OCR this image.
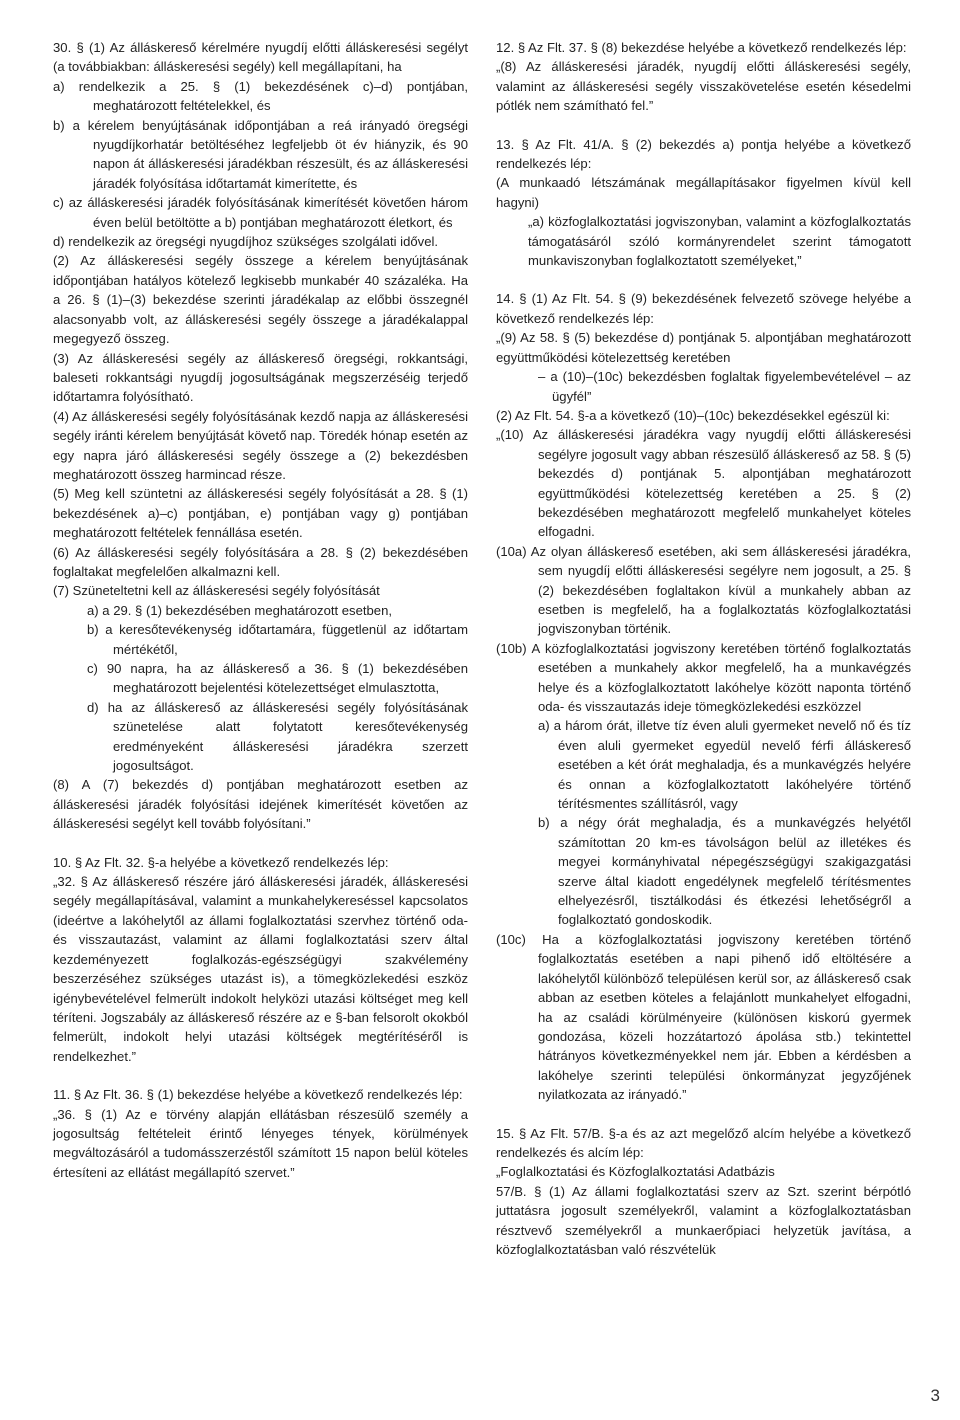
30. § (1) Az álláskereső kérelmére nyugdíj előtti álláskeresési segélyt (a továbbiakban: álláskeresési segély) kell megállapítani, ha

a) rendelkezik a 25. § (1) bekezdésének c)–d) pontjában, meghatározott feltételekkel, és

b) a kérelem benyújtásának időpontjában a reá irányadó öregségi nyugdíjkorhatár betöltéséhez legfeljebb öt év hiányzik, és 90 napon át álláskeresési járadékban részesült, és az álláskeresési járadék folyósítása időtartamát kimerítette, és

c) az álláskeresési járadék folyósításának kimerítését követően három éven belül betöltötte a b) pontjában meghatározott életkort, és

d) rendelkezik az öregségi nyugdíjhoz szükséges szolgálati idővel.

(2) Az álláskeresési segély összege a kérelem benyújtásának időpontjában hatályos kötelező legkisebb munkabér 40 százaléka. Ha a 26. § (1)–(3) bekezdése szerinti járadékalap az előbbi összegnél alacsonyabb volt, az álláskeresési segély összege a járadékalappal megegyező összeg.

(3) Az álláskeresési segély az álláskereső öregségi, rokkantsági, baleseti rokkantsági nyugdíj jogosultságának megszerzéséig terjedő időtartamra folyósítható.

(4) Az álláskeresési segély folyósításának kezdő napja az álláskeresési segély iránti kérelem benyújtását követő nap. Töredék hónap esetén az egy napra járó álláskeresési segély összege a (2) bekezdésben meghatározott összeg harmincad része.

(5) Meg kell szüntetni az álláskeresési segély folyósítását a 28. § (1) bekezdésének a)–c) pontjában, e) pontjában vagy g) pontjában meghatározott feltételek fennállása esetén.

(6) Az álláskeresési segély folyósítására a 28. § (2) bekezdésében foglaltakat megfelelően alkalmazni kell.

(7) Szüneteltetni kell az álláskeresési segély folyósítását

a) a 29. § (1) bekezdésében meghatározott esetben,

b) a keresőtevékenység időtartamára, függetlenül az időtartam mértékétől,

c) 90 napra, ha az álláskereső a 36. § (1) bekezdésében meghatározott bejelentési kötelezettséget elmulasztotta,

d) ha az álláskereső az álláskeresési segély folyósításának szünetelése alatt folytatott keresőtevékenység eredményeként álláskeresési járadékra szerzett jogosultságot.

(8) A (7) bekezdés d) pontjában meghatározott esetben az álláskeresési járadék folyósítási idejének kimerítését követően az álláskeresési segélyt kell tovább folyósítani.”

10. § Az Flt. 32. §-a helyébe a következő rendelkezés lép:

„32. § Az álláskereső részére járó álláskeresési járadék, álláskeresési segély megállapításával, valamint a munkahelykereséssel kapcsolatos (ideértve a lakóhelytől az állami foglalkoztatási szervhez történő oda- és visszautazást, valamint az állami foglalkoztatási szerv által kezdeményezett foglalkozás-egészségügyi szakvélemény beszerzéséhez szükséges utazást is), a tömegközlekedési eszköz igénybevételével felmerült indokolt helyközi utazási költséget meg kell téríteni. Jogszabály az álláskereső részére az e §-ban felsorolt okokból felmerült, indokolt helyi utazási költségek megtérítéséről is rendelkezhet.”

11. § Az Flt. 36. § (1) bekezdése helyébe a következő rendelkezés lép:

„36. § (1) Az e törvény alapján ellátásban részesülő személy a jogosultság feltételeit érintő lényeges tények, körülmények megváltozásáról a tudomásszerzéstől számított 15 napon belül köteles értesíteni az ellátást megállapító szervet.”

12. § Az Flt. 37. § (8) bekezdése helyébe a következő rendelkezés lép:

„(8) Az álláskeresési járadék, nyugdíj előtti álláskeresési segély, valamint az álláskeresési segély visszakövetelése esetén késedelmi pótlék nem számítható fel.”

13. § Az Flt. 41/A. § (2) bekezdés a) pontja helyébe a következő rendelkezés lép:

(A munkaadó létszámának megállapításakor figyelmen kívül kell hagyni)

„a) közfoglalkoztatási jogviszonyban, valamint a közfoglalkoztatás támogatásáról szóló kormányrendelet szerint támogatott munkaviszonyban foglalkoztatott személyeket,”

14. § (1) Az Flt. 54. § (9) bekezdésének felvezető szövege helyébe a következő rendelkezés lép:

„(9) Az 58. § (5) bekezdése d) pontjának 5. alpontjában meghatározott együttműködési kötelezettség keretében

– a (10)–(10c) bekezdésben foglaltak figyelembevételével – az ügyfél”

(2) Az Flt. 54. §-a a következő (10)–(10c) bekezdésekkel egészül ki:

„(10) Az álláskeresési járadékra vagy nyugdíj előtti álláskeresési segélyre jogosult vagy abban részesülő álláskereső az 58. § (5) bekezdés d) pontjának 5. alpontjában meghatározott együttműködési kötelezettség keretében a 25. § (2) bekezdésében meghatározott megfelelő munkahelyet köteles elfogadni.

(10a) Az olyan álláskereső esetében, aki sem álláskeresési járadékra, sem nyugdíj előtti álláskeresési segélyre nem jogosult, a 25. § (2) bekezdésében foglaltakon kívül a munkahely abban az esetben is megfelelő, ha a foglalkoztatás közfoglalkoztatási jogviszonyban történik.

(10b) A közfoglalkoztatási jogviszony keretében történő foglalkoztatás esetében a munkahely akkor megfelelő, ha a munkavégzés helye és a közfoglalkoztatott lakóhelye között naponta történő oda- és visszautazás ideje tömegközlekedési eszközzel

a) a három órát, illetve tíz éven aluli gyermeket nevelő nő és tíz éven aluli gyermeket egyedül nevelő férfi álláskereső esetében a két órát meghaladja, és a munkavégzés helyére és onnan a közfoglalkoztatott lakóhelyére történő térítésmentes szállításról, vagy

b) a négy órát meghaladja, és a munkavégzés helyétől számítottan 20 km-es távolságon belül az illetékes és megyei kormányhivatal népegészségügyi szakigazgatási szerve által kiadott engedélynek megfelelő térítésmentes elhelyezésről, tisztálkodási és étkezési lehetőségről a foglalkoztató gondoskodik.

(10c) Ha a közfoglalkoztatási jogviszony keretében történő foglalkoztatás esetében a napi pihenő idő eltöltésére a lakóhelytől különböző településen kerül sor, az álláskereső csak abban az esetben köteles a felajánlott munkahelyet elfogadni, ha az családi körülményeire (különösen kiskorú gyermek gondozása, közeli hozzátartozó ápolása stb.) tekintettel hátrányos következményekkel nem jár. Ebben a kérdésben a lakóhelye szerinti települési önkormányzat jegyzőjének nyilatkozata az irányadó.”

15. § Az Flt. 57/B. §-a és az azt megelőző alcím helyébe a következő rendelkezés és alcím lép:

„Foglalkoztatási és Közfoglalkoztatási Adatbázis

57/B. § (1) Az állami foglalkoztatási szerv az Szt. szerint bérpótló juttatásra jogosult személyekről, valamint a közfoglalkoztatásban résztvevő személyekről a munkaerőpiaci helyzetük javítása, a közfoglalkoztatásban való részvételük

3
